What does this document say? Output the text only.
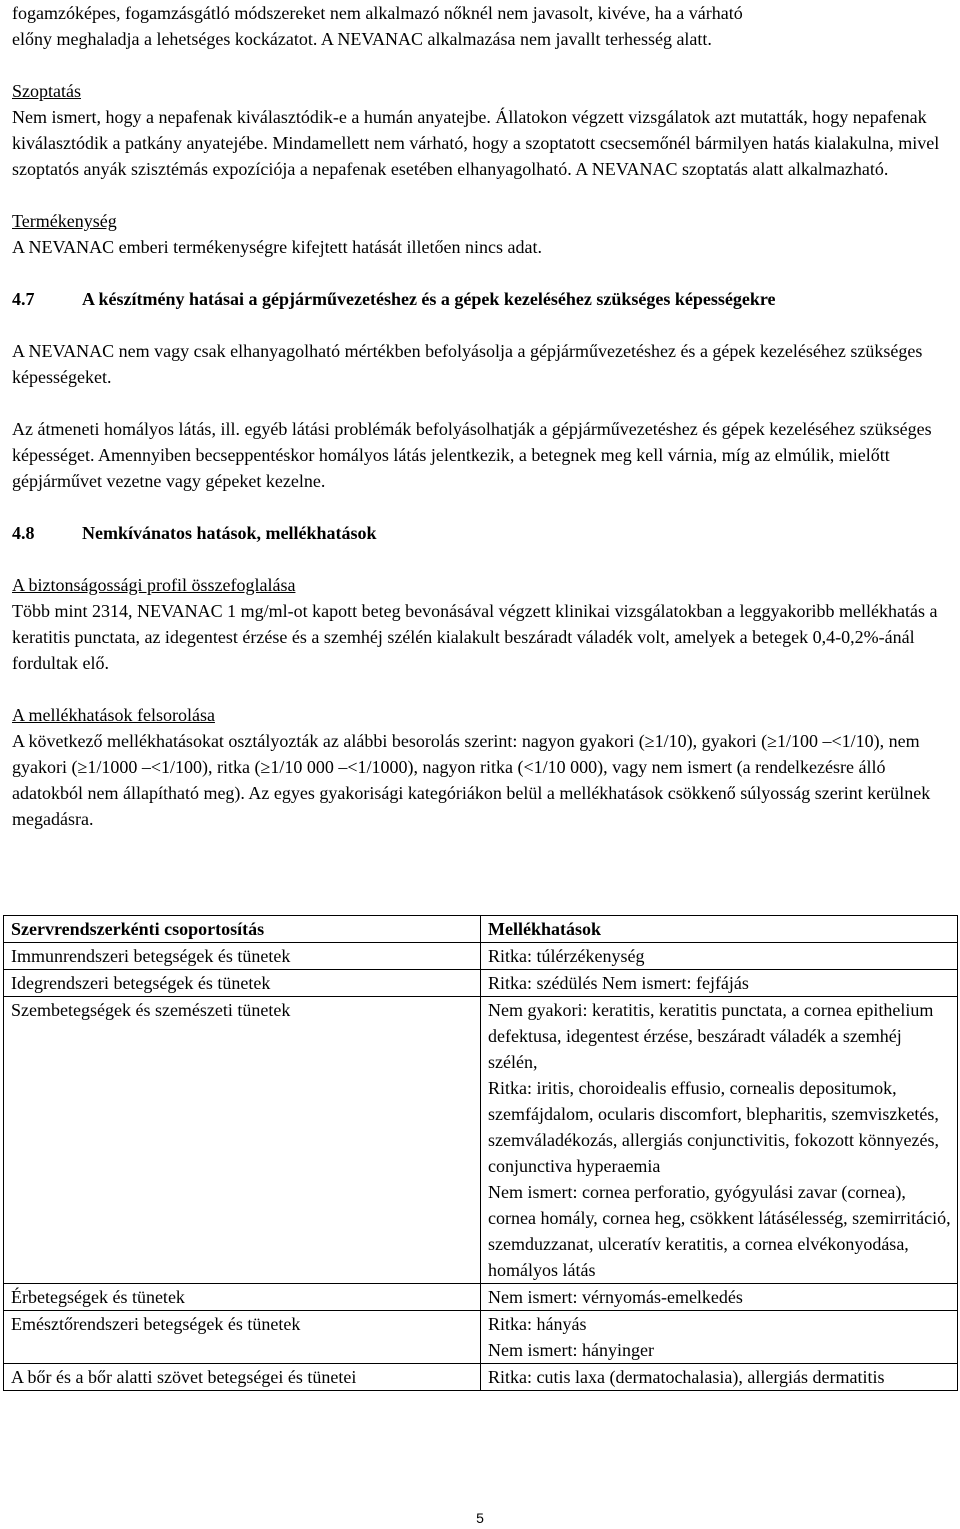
fogamzóképes, fogamzásgátló módszereket nem alkalmazó nőknél nem javasolt, kivéve, ha a várható

előny meghaladja a lehetséges kockázatot. A NEVANAC alkalmazása nem javallt terhesség alatt.

Szoptatás

Nem ismert, hogy a nepafenak kiválasztódik-e a humán anyatejbe. Állatokon végzett vizsgálatok azt mutatták, hogy nepafenak kiválasztódik a patkány anyatejébe. Mindamellett nem várható, hogy a szoptatott csecsemőnél bármilyen hatás kialakulna, mivel szoptatós anyák szisztémás expozíciója a nepafenak esetében elhanyagolható. A NEVANAC szoptatás alatt alkalmazható.

Termékenység

A NEVANAC emberi termékenységre kifejtett hatását illetően nincs adat.

4.7	A készítmény hatásai a gépjárművezetéshez és a gépek kezeléséhez szükséges képességekre

A NEVANAC nem vagy csak elhanyagolható mértékben befolyásolja a gépjárművezetéshez és a gépek kezeléséhez szükséges képességeket.

Az átmeneti homályos látás, ill. egyéb látási problémák befolyásolhatják a gépjárművezetéshez és gépek kezeléséhez szükséges képességet. Amennyiben becseppentéskor homályos látás jelentkezik, a betegnek meg kell várnia, míg az elmúlik, mielőtt gépjárművet vezetne vagy gépeket kezelne.

4.8	Nemkívánatos hatások, mellékhatások

A biztonságossági profil összefoglalása

Több mint 2314, NEVANAC 1 mg/ml-ot kapott beteg bevonásával végzett klinikai vizsgálatokban a leggyakoribb mellékhatás a keratitis punctata, az idegentest érzése és a szemhéj szélén kialakult beszáradt váladék volt, amelyek a betegek 0,4-0,2%-ánál fordultak elő.

A mellékhatások felsorolása

A következő mellékhatásokat osztályozták az alábbi besorolás szerint: nagyon gyakori (≥1/10), gyakori (≥1/100 –<1/10), nem gyakori (≥1/1000 –<1/100), ritka (≥1/10 000 –<1/1000), nagyon ritka (<1/10 000), vagy nem ismert (a rendelkezésre álló adatokból nem állapítható meg). Az egyes gyakorisági kategóriákon belül a mellékhatások csökkenő súlyosság szerint kerülnek megadásra.

Szervrendszerkénti csoportosítás	Mellékhatások
Immunrendszeri betegségek és tünetek	Ritka: túlérzékenység
Idegrendszeri betegségek és tünetek	Ritka: szédülés Nem ismert: fejfájás
Szembetegségek és szemészeti tünetek	Nem gyakori: keratitis, keratitis punctata, a cornea epithelium defektusa, idegentest érzése, beszáradt váladék a szemhéj szélén,
Ritka: iritis, choroidealis effusio, cornealis depositumok, szemfájdalom, ocularis discomfort, blepharitis, szemviszketés, szemváladékozás, allergiás conjunctivitis, fokozott könnyezés, conjunctiva hyperaemia
Nem ismert: cornea perforatio, gyógyulási zavar (cornea), cornea homály, cornea heg, csökkent látásélesség, szemirritáció, szemduzzanat, ulceratív keratitis, a cornea elvékonyodása, homályos látás
Érbetegségek és tünetek	Nem ismert: vérnyomás-emelkedés
Emésztőrendszeri betegségek és tünetek	Ritka: hányás
Nem ismert: hányinger
A bőr és a bőr alatti szövet betegségei és tünetei	Ritka: cutis laxa (dermatochalasia), allergiás dermatitis
5
